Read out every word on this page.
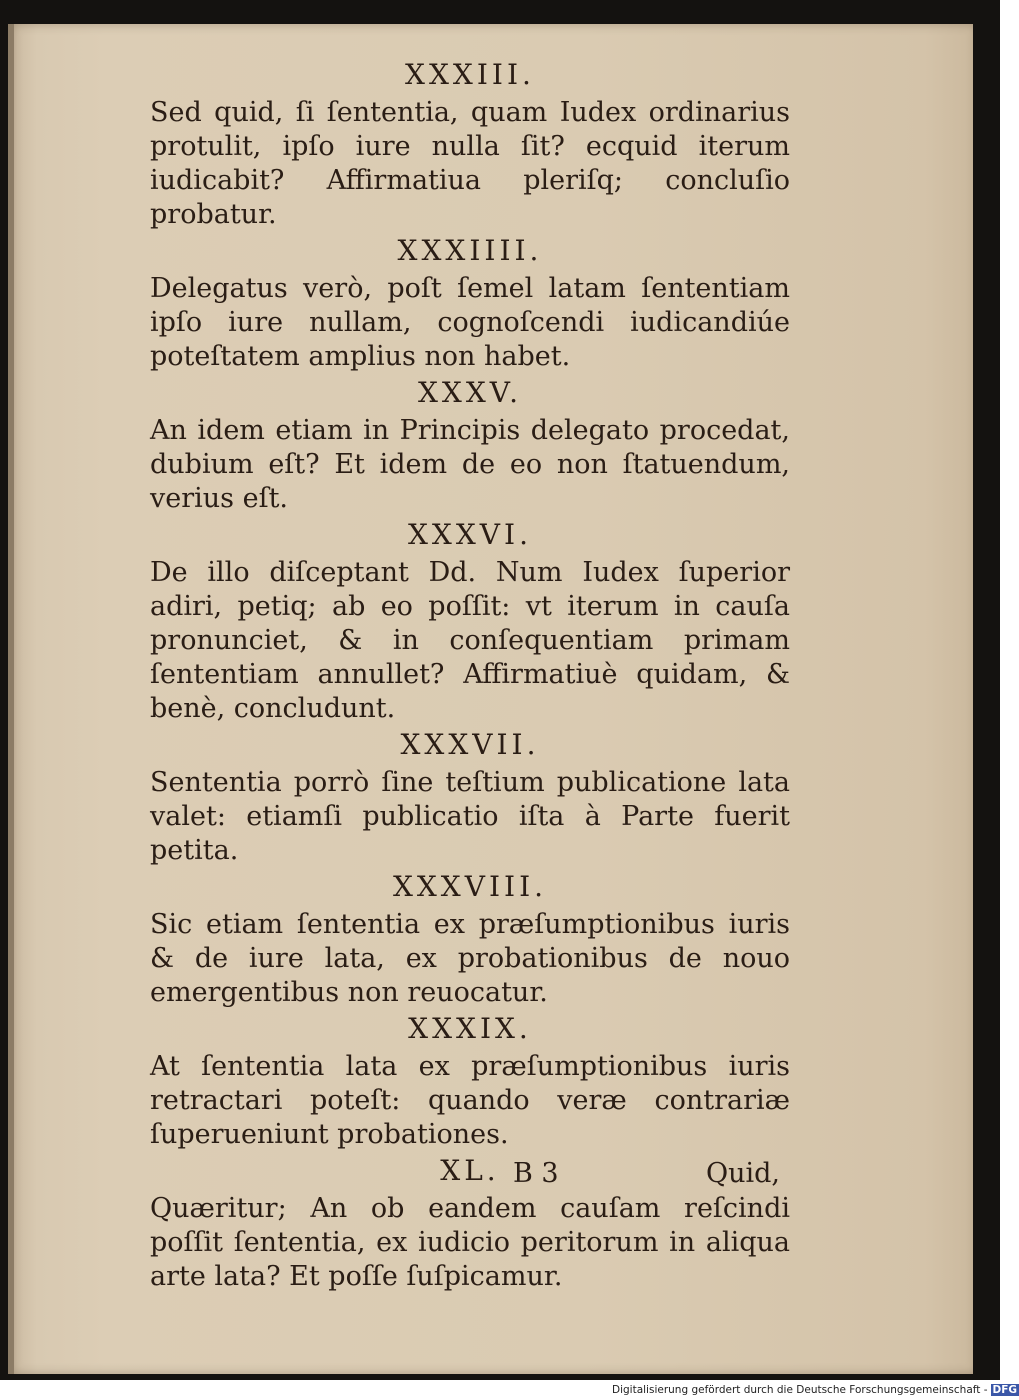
XXXIII.

Sed quid, ſi ſententia, quam Iudex ordinarius protulit, ipſo iure nulla ſit? ecquid iterum iudicabit? Affirmatiua pleriſq; concluſio probatur.

XXXIIII.

Delegatus verò, poſt ſemel latam ſententiam ipſo iure nullam, cognoſcendi iudicandiúe poteſtatem amplius non habet.

XXXV.

An idem etiam in Principis delegato procedat, dubium eſt? Et idem de eo non ſtatuendum, verius eſt.

XXXVI.

De illo diſceptant Dd. Num Iudex ſuperior adiri, petiq; ab eo poſſit: vt iterum in cauſa pronunciet, & in conſequentiam primam ſententiam annullet? Affirmatiuè quidam, & benè, concludunt.

XXXVII.

Sententia porrò ſine teſtium publicatione lata valet: etiamſi publicatio iſta à Parte fuerit petita.

XXXVIII.

Sic etiam ſententia ex præſumptionibus iuris & de iure lata, ex probationibus de nouo emergentibus non reuocatur.

XXXIX.

At ſententia lata ex præſumptionibus iuris retractari poteſt: quando veræ contrariæ ſuperueniunt probationes.

XL.

Quæritur; An ob eandem cauſam reſcindi poſſit ſententia, ex iudicio peritorum in aliqua arte lata? Et poſſe ſuſpicamur.

B 3	Quid,
Digitalisierung gefördert durch die Deutsche Forschungsgemeinschaft - DFG
